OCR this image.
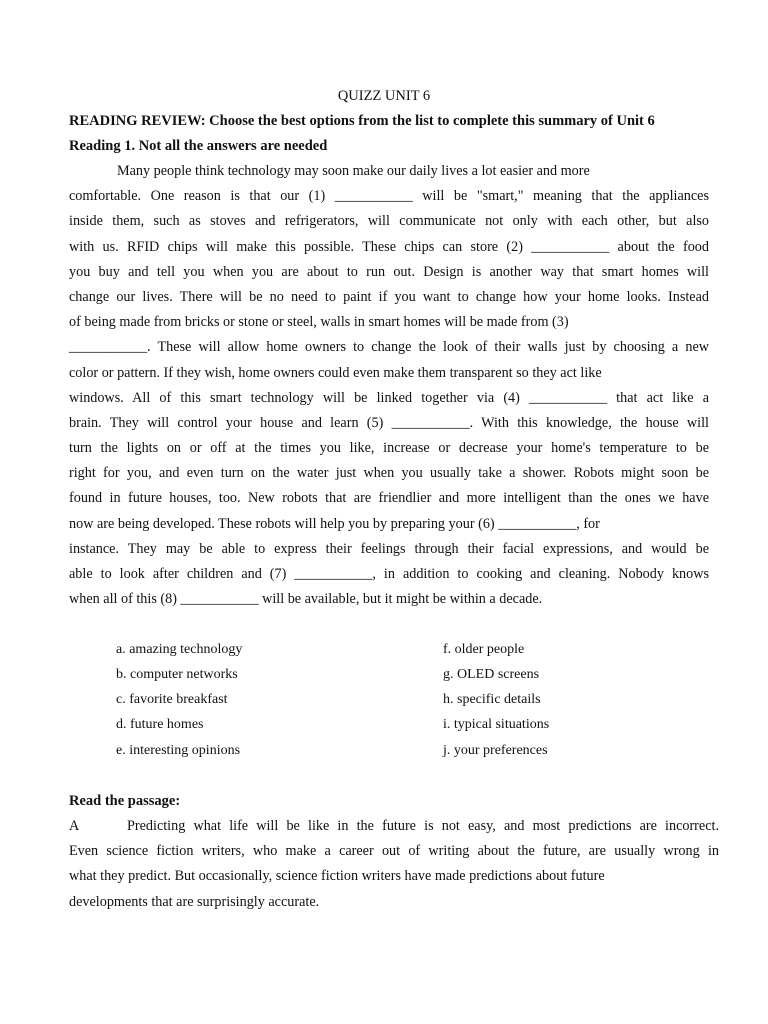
QUIZZ UNIT 6
READING REVIEW: Choose the best options from the list to complete this summary of Unit 6
Reading 1. Not all the answers are needed
Many people think technology may soon make our daily lives a lot easier and more
comfortable. One reason is that our (1) ___________ will be "smart," meaning that the appliances
inside them, such as stoves and refrigerators, will communicate not only with each other, but also
with us. RFID chips will make this possible. These chips can store (2) ___________ about the food
you buy and tell you when you are about to run out. Design is another way that smart homes will
change our lives. There will be no need to paint if you want to change how your home looks. Instead
of being made from bricks or stone or steel, walls in smart homes will be made from (3)
___________. These will allow home owners to change the look of their walls just by choosing a new
color or pattern. If they wish, home owners could even make them transparent so they act like
windows. All of this smart technology will be linked together via (4) ___________ that act like a
brain. They will control your house and learn (5) ___________. With this knowledge, the house will
turn the lights on or off at the times you like, increase or decrease your home's temperature to be
right for you, and even turn on the water just when you usually take a shower. Robots might soon be
found in future houses, too. New robots that are friendlier and more intelligent than the ones we have
now are being developed. These robots will help you by preparing your (6) ___________, for
instance. They may be able to express their feelings through their facial expressions, and would be
able to look after children and (7) ___________, in addition to cooking and cleaning. Nobody knows
when all of this (8) ___________ will be available, but it might be within a decade.
a. amazing technology
b. computer networks
c. favorite breakfast
d. future homes
e. interesting opinions
f. older people
g. OLED screens
h. specific details
i. typical situations
j. your preferences
Read the passage:
A	Predicting what life will be like in the future is not easy, and most predictions are incorrect.
Even science fiction writers, who make a career out of writing about the future, are usually wrong in
what they predict. But occasionally, science fiction writers have made predictions about future
developments that are surprisingly accurate.
